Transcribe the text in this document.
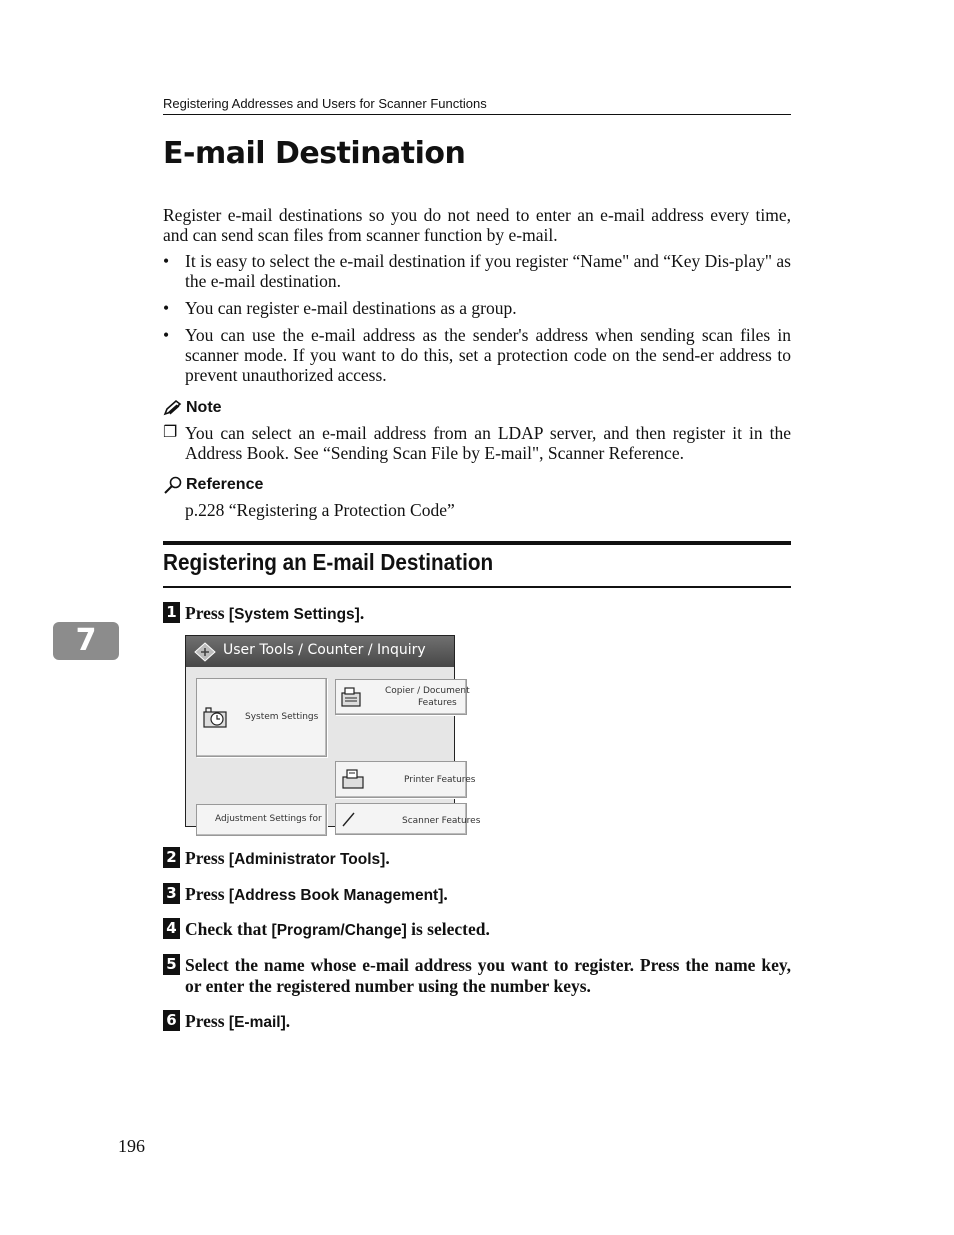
Registering Addresses and Users for Scanner Functions
E-mail Destination
Register e-mail destinations so you do not need to enter an e-mail address every time, and can send scan files from scanner function by e-mail.
• It is easy to select the e-mail destination if you register “Name" and “Key Dis-play" as the e-mail destination.
• You can register e-mail destinations as a group.
• You can use the e-mail address as the sender's address when sending scan files in scanner mode. If you want to do this, set a protection code on the send-er address to prevent unauthorized access.
Note
❐ You can select an e-mail address from an LDAP server, and then register it in the Address Book. See “Sending Scan File by E-mail", Scanner Reference.
Reference
p.228 “Registering a Protection Code”
Registering an E-mail Destination
7
1 Press [System Settings].
User Tools / Counter / Inquiry
System Settings
Copier / Document
Features
Printer Features
Adjustment Settings for	Scanner Features
2 Press [Administrator Tools].
3 Press [Address Book Management].
4 Check that [Program/Change] is selected.
5 Select the name whose e-mail address you want to register. Press the name key, or enter the registered number using the number keys.
6 Press [E-mail].
196
